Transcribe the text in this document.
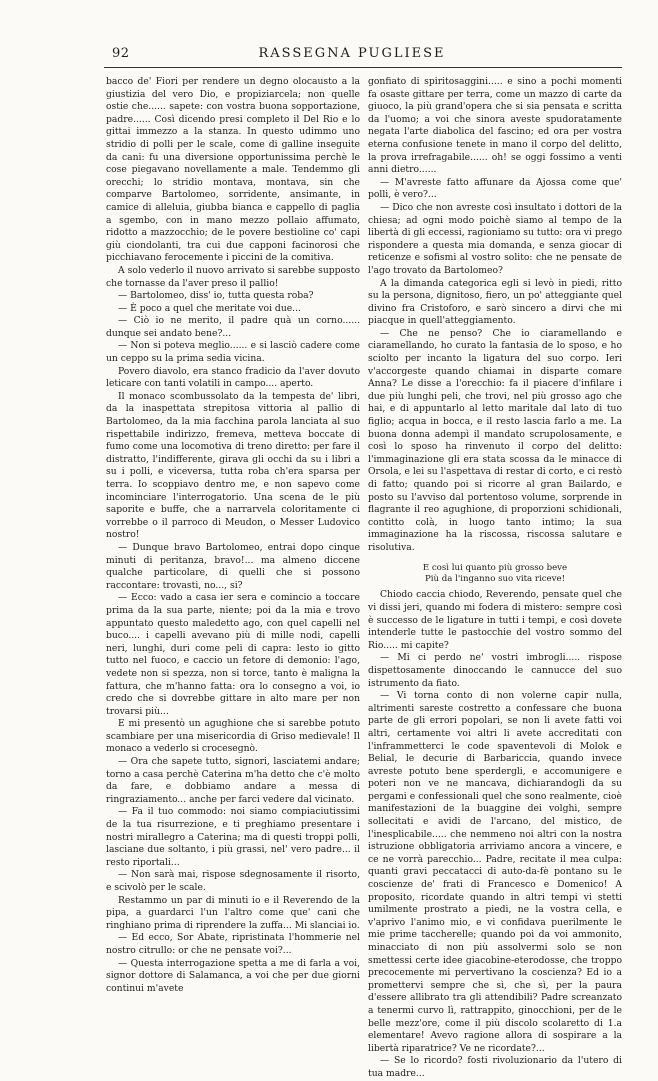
92	RASSEGNA PUGLIESE

bacco de' Fiori per rendere un degno olocausto a la giustizia del vero Dio, e propiziarcela; non quelle ostie che...... sapete: con vostra buona sopportazione, padre...... Così dicendo presi completo il Del Rio e lo gittai immezzo a la stanza. In questo udimmo uno stridio di polli per le scale, come di galline inseguite da cani: fu una diversione opportunissima perchè le cose piegavano novellamente a male. Tendemmo gli orecchi; lo stridio montava, montava, sin che comparve Bartolomeo, sorridente, ansimante, in camice di alleluia, giubba bianca e cappello di paglia a sgembo, con in mano mezzo pollaio affumato, ridotto a mazzocchio; de le povere bestioline co' capi giù ciondolanti, tra cui due capponi facinorosi che picchiavano ferocemente i piccini de la comitiva.

A solo vederlo il nuovo arrivato si sarebbe supposto che tornasse da l'aver preso il pallio!

— Bartolomeo, diss' io, tutta questa roba?

— È poco a quel che meritate voi due...

— Ciò io ne merito, il padre quà un corno...... dunque sei andato bene?...

— Non si poteva meglio...... e si lasciò cadere come un ceppo su la prima sedia vicina.

Povero diavolo, era stanco fradicio da l'aver dovuto leticare con tanti volatili in campo.... aperto.

Il monaco scombussolato da la tempesta de' libri, da la inaspettata strepitosa vittoria al pallio di Bartolomeo, da la mia facchina parola lanciata al suo rispettabile indirizzo, fremeva, metteva boccate di fumo come una locomotiva di treno diretto: per fare il distratto, l'indifferente, girava gli occhi da su i libri a su i polli, e viceversa, tutta roba ch'era sparsa per terra. Io scoppiavo dentro me, e non sapevo come incominciare l'interrogatorio. Una scena de le più saporite e buffe, che a narrarvela coloritamente ci vorrebbe o il parroco di Meudon, o Messer Ludovico nostro!

— Dunque bravo Bartolomeo, entrai dopo cinque minuti di peritanza, bravo!... ma almeno diccene qualche particolare, di quelli che si possono raccontare: trovasti, no..., si?

— Ecco: vado a casa ier sera e comincio a toccare prima da la sua parte, niente; poi da la mia e trovo appuntato questo maledetto ago, con quel capelli nel buco.... i capelli avevano più di mille nodi, capelli neri, lunghi, duri come peli di capra: lesto io gitto tutto nel fuoco, e caccio un fetore di demonio: l'ago, vedete non si spezza, non si torce, tanto è maligna la fattura, che m'hanno fatta: ora lo consegno a voi, io credo che si dovrebbe gittare in alto mare per non trovarsi più...

E mi presentò un agughione che si sarebbe potuto scambiare per una misericordia di Griso medievale! Il monaco a vederlo si crocesegnò.

— Ora che sapete tutto, signori, lasciatemi andare; torno a casa perchè Caterina m'ha detto che c'è molto da fare, e dobbiamo andare a messa di ringraziamento... anche per farci vedere dal vicinato.

— Fa il tuo commodo: noi siamo compiaciutissimi de la tua risurrezione, e ti preghiamo presentare i nostri mirallegro a Caterina; ma di questi troppi polli, lasciane due soltanto, i più grassi, nel' vero padre... il resto riportali...

— Non sarà mai, rispose sdegnosamente il risorto, e scivolò per le scale.

Restammo un par di minuti io e il Reverendo de la pipa, a guardarci l'un l'altro come que' cani che ringhiano prima di riprendere la zuffa... Mi slanciai io.

— Ed ecco, Sor Abate, ripristinata l'hommerie nel nostro citrullo: or che ne pensate voi?...

— Questa interrogazione spetta a me di farla a voi, signor dottore di Salamanca, a voi che per due giorni continui m'avete

gonfiato di spiritosaggini..... e sino a pochi momenti fa osaste gittare per terra, come un mazzo di carte da giuoco, la più grand'opera che si sia pensata e scritta da l'uomo; a voi che sinora aveste spudoratamente negata l'arte diabolica del fascino; ed ora per vostra eterna confusione tenete in mano il corpo del delitto, la prova irrefragabile...... oh! se oggi fossimo a venti anni dietro......

— M'avreste fatto affunare da Ajossa come que' polli, è vero?...

— Dico che non avreste così insultato i dottori de la chiesa; ad ogni modo poichè siamo al tempo de la libertà di gli eccessi, ragioniamo su tutto: ora vi prego rispondere a questa mia domanda, e senza giocar di reticenze e sofismi al vostro solito: che ne pensate de l'ago trovato da Bartolomeo?

A la dimanda categorica egli si levò in piedi, ritto su la persona, dignitoso, fiero, un po' atteggiante quel divino fra Cristoforo, e sarò sincero a dirvi che mi piacque in quell'atteggiamento.

— Che ne penso? Che io ciaramellando e ciaramellando, ho curato la fantasia de lo sposo, e ho sciolto per incanto la ligatura del suo corpo. Ieri v'accorgeste quando chiamai in disparte comare Anna? Le disse a l'orecchio: fa il piacere d'infilare i due più lunghi peli, che trovi, nel più grosso ago che hai, e di appuntarlo al letto maritale dal lato di tuo figlio; acqua in bocca, e il resto lascia farlo a me. La buona donna adempì il mandato scrupolosamente, e così lo sposo ha rinvenuto il corpo del delitto: l'immaginazione gli era stata scossa da le minacce di Orsola, e lei su l'aspettava di restar di corto, e ci restò di fatto; quando poi si ricorre al gran Bailardo, e posto su l'avviso dal portentoso volume, sorprende in flagrante il reo agughione, di proporzioni schidionali, contitto colà, in luogo tanto intimo; la sua immaginazione ha la riscossa, riscossa salutare e risolutiva.

E così lui quanto più grosso beve
Più da l'inganno suo vita riceve!

Chiodo caccia chiodo, Reverendo, pensate quel che vi dissi jeri, quando mi fodera di mistero: sempre così è successo de le ligature in tutti i tempi, e così dovete intenderle tutte le pastocchie del vostro sommo del Rio..... mi capite?

— Mi ci perdo ne' vostri imbrogli..... rispose dispettosamente dinoccando le cannucce del suo istrumento da fiato.

— Vi torna conto di non volerne capir nulla, altrimenti sareste costretto a confessare che buona parte de gli errori popolari, se non li avete fatti voi altri, certamente voi altri li avete accreditati con l'inframmetterci le code spaventevoli di Molok e Belial, le decurie di Barbariccia, quando invece avreste potuto bene sperdergli, e accomunigere e poteri non ve ne mancava, dichiarandogli da su pergami e confessionali quel che sono realmente, cioè manifestazioni de la buaggine dei volghi, sempre sollecitati e avidi de l'arcano, del mistico, de l'inesplicabile..... che nemmeno noi altri con la nostra istruzione obbligatoria arriviamo ancora a vincere, e ce ne vorrà parecchio... Padre, recitate il mea culpa: quanti gravi peccatacci di auto-da-fè pontano su le coscienze de' frati di Francesco e Domenico! A proposito, ricordate quando in altri tempi vi stetti umilmente prostrato a piedi, ne la vostra cella, e v'aprivo l'animo mio, e vi confidava puerilmente le mie prime taccherelle; quando poi da voi ammonito, minacciato di non più assolvermi solo se non smettessi certe idee giacobine-eterodosse, che troppo precocemente mi pervertivano la coscienza? Ed io a promettervi sempre che sì, che sì, per la paura d'essere allibrato tra gli attendibili? Padre screanzato a tenermi curvo lì, rattrappito, ginocchioni, per de le belle mezz'ore, come il più discolo scolaretto di 1.a elementare! Avevo ragione allora di sospirare a la libertà riparatrice? Ve ne ricordate?...

— Se lo ricordo? fosti rivoluzionario da l'utero di tua madre...
